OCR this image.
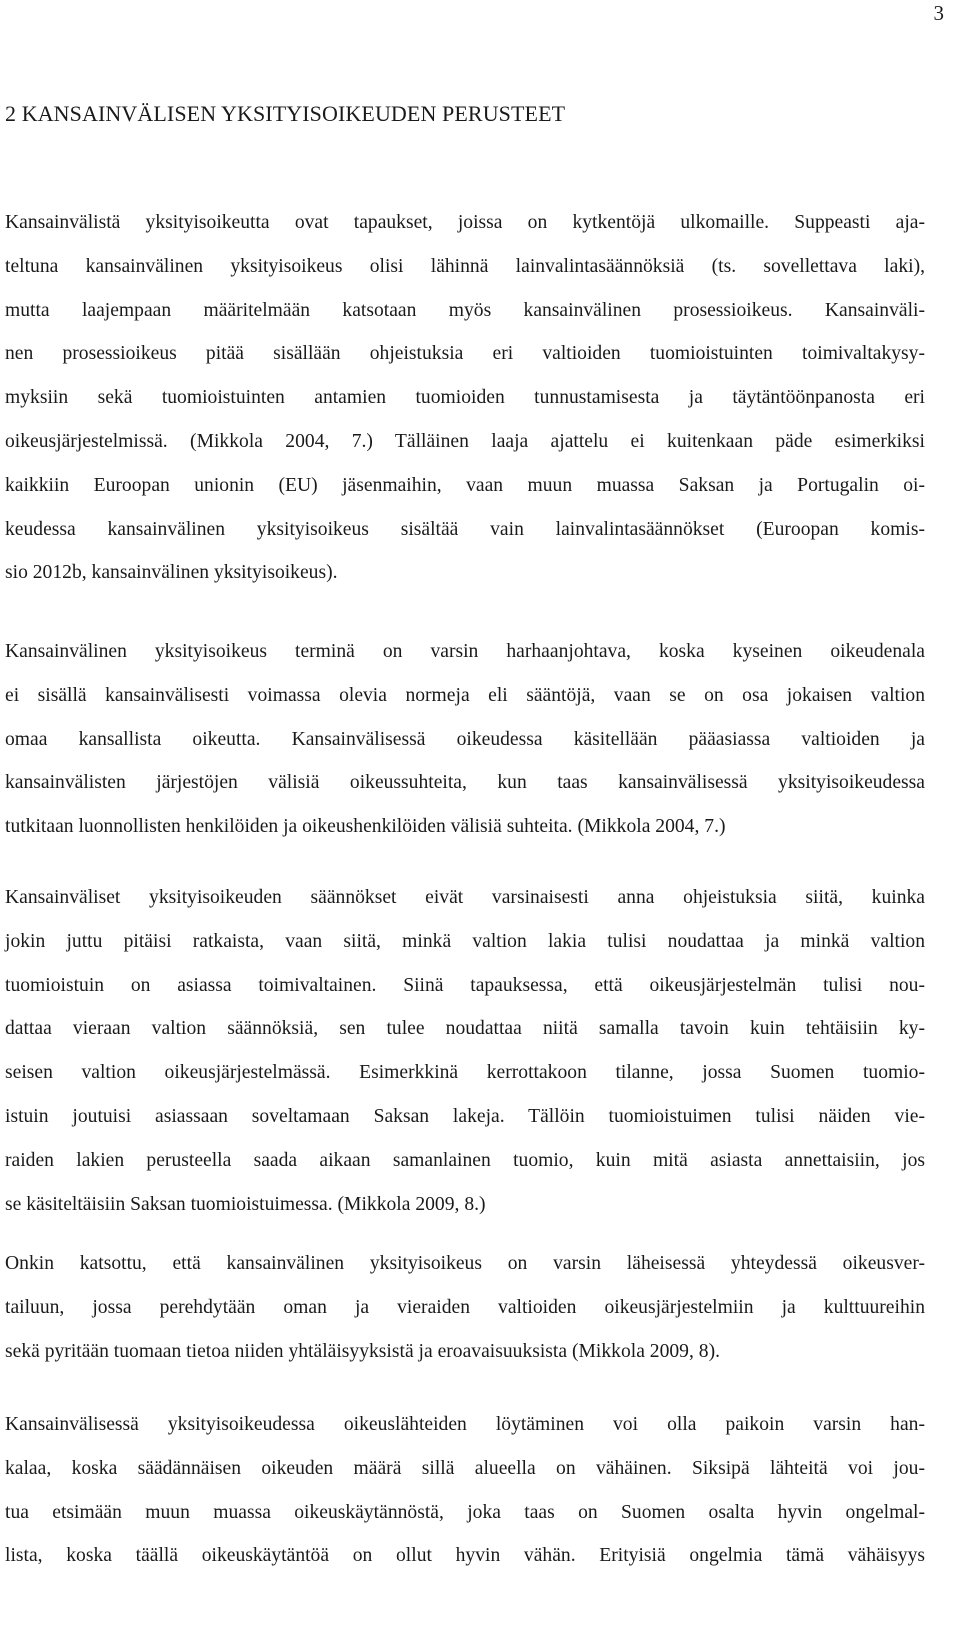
3
2 KANSAINVÄLISEN YKSITYISOIKEUDEN PERUSTEET
Kansainvälistä yksityisoikeutta ovat tapaukset, joissa on kytkentöjä ulkomaille. Suppeasti aja-
teltuna kansainvälinen yksityisoikeus olisi lähinnä lainvalintasäännöksiä (ts. sovellettava laki),
mutta laajempaan määritelmään katsotaan myös kansainvälinen prosessioikeus. Kansainväli-
nen prosessioikeus pitää sisällään ohjeistuksia eri valtioiden tuomioistuinten toimivaltakysy-
myksiin sekä tuomioistuinten antamien tuomioiden tunnustamisesta ja täytäntöönpanosta eri
oikeusjärjestelmissä. (Mikkola 2004, 7.) Tälläinen laaja ajattelu ei kuitenkaan päde esimerkiksi
kaikkiin Euroopan unionin (EU) jäsenmaihin, vaan muun muassa Saksan ja Portugalin oi-
keudessa kansainvälinen yksityisoikeus sisältää vain lainvalintasäännökset (Euroopan komis-
sio 2012b, kansainvälinen yksityisoikeus).
Kansainvälinen yksityisoikeus terminä on varsin harhaanjohtava, koska kyseinen oikeudenala
ei sisällä kansainvälisesti voimassa olevia normeja eli sääntöjä, vaan se on osa jokaisen valtion
omaa kansallista oikeutta. Kansainvälisessä oikeudessa käsitellään pääasiassa valtioiden ja
kansainvälisten järjestöjen välisiä oikeussuhteita, kun taas kansainvälisessä yksityisoikeudessa
tutkitaan luonnollisten henkilöiden ja oikeushenkilöiden välisiä suhteita. (Mikkola 2004, 7.)
Kansainväliset yksityisoikeuden säännökset eivät varsinaisesti anna ohjeistuksia siitä, kuinka
jokin juttu pitäisi ratkaista, vaan siitä, minkä valtion lakia tulisi noudattaa ja minkä valtion
tuomioistuin on asiassa toimivaltainen. Siinä tapauksessa, että oikeusjärjestelmän tulisi nou-
dattaa vieraan valtion säännöksiä, sen tulee noudattaa niitä samalla tavoin kuin tehtäisiin ky-
seisen valtion oikeusjärjestelmässä. Esimerkkinä kerrottakoon tilanne, jossa Suomen tuomio-
istuin joutuisi asiassaan soveltamaan Saksan lakeja. Tällöin tuomioistuimen tulisi näiden vie-
raiden lakien perusteella saada aikaan samanlainen tuomio, kuin mitä asiasta annettaisiin, jos
se käsiteltäisiin Saksan tuomioistuimessa. (Mikkola 2009, 8.)
Onkin katsottu, että kansainvälinen yksityisoikeus on varsin läheisessä yhteydessä oikeusver-
tailuun, jossa perehdytään oman ja vieraiden valtioiden oikeusjärjestelmiin ja kulttuureihin
sekä pyritään tuomaan tietoa niiden yhtäläisyyksistä ja eroavaisuuksista (Mikkola 2009, 8).
Kansainvälisessä yksityisoikeudessa oikeuslähteiden löytäminen voi olla paikoin varsin han-
kalaa, koska säädännäisen oikeuden määrä sillä alueella on vähäinen. Siksipä lähteitä voi jou-
tua etsimään muun muassa oikeuskäytännöstä, joka taas on Suomen osalta hyvin ongelmal-
lista, koska täällä oikeuskäytäntöä on ollut hyvin vähän. Erityisiä ongelmia tämä vähäisyys
